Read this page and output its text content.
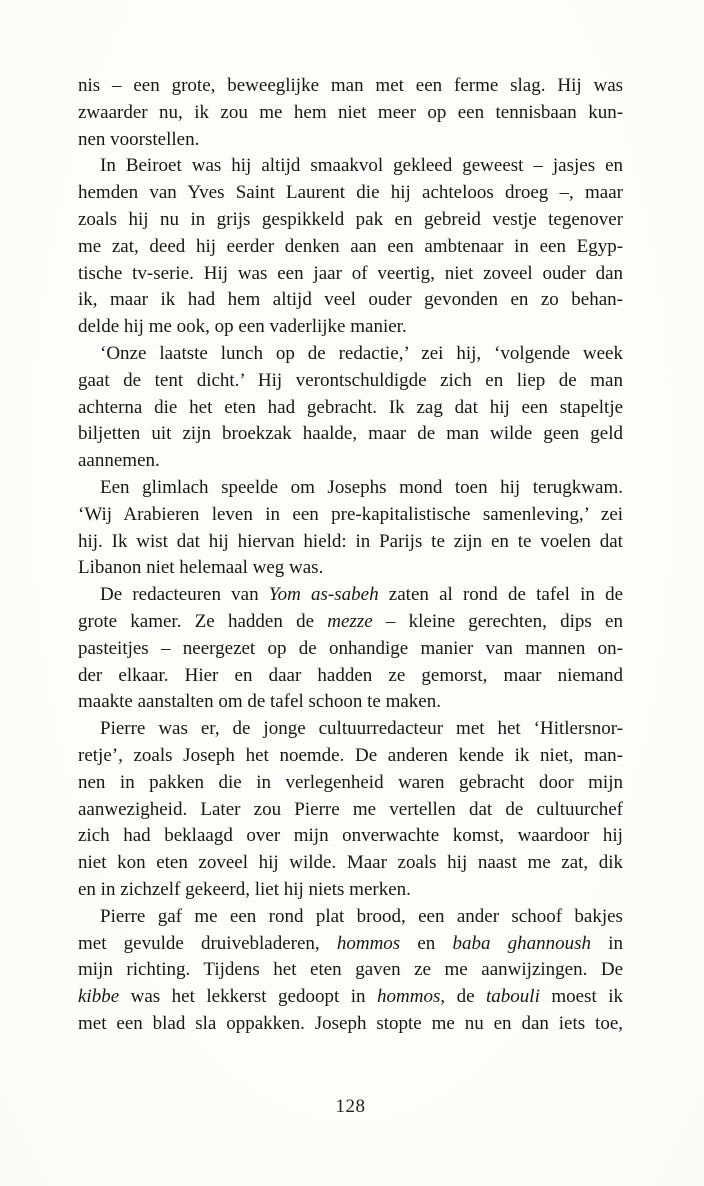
nis – een grote, beweeglijke man met een ferme slag. Hij was
zwaarder nu, ik zou me hem niet meer op een tennisbaan kun-
nen voorstellen.
In Beiroet was hij altijd smaakvol gekleed geweest – jasjes en
hemden van Yves Saint Laurent die hij achteloos droeg –, maar
zoals hij nu in grijs gespikkeld pak en gebreid vestje tegenover
me zat, deed hij eerder denken aan een ambtenaar in een Egyp-
tische tv-serie. Hij was een jaar of veertig, niet zoveel ouder dan
ik, maar ik had hem altijd veel ouder gevonden en zo behan-
delde hij me ook, op een vaderlijke manier.
‘Onze laatste lunch op de redactie,’ zei hij, ‘volgende week
gaat de tent dicht.’ Hij verontschuldigde zich en liep de man
achterna die het eten had gebracht. Ik zag dat hij een stapeltje
biljetten uit zijn broekzak haalde, maar de man wilde geen geld
aannemen.
Een glimlach speelde om Josephs mond toen hij terugkwam.
‘Wij Arabieren leven in een pre-kapitalistische samenleving,’ zei
hij. Ik wist dat hij hiervan hield: in Parijs te zijn en te voelen dat
Libanon niet helemaal weg was.
De redacteuren van Yom as-sabeh zaten al rond de tafel in de
grote kamer. Ze hadden de mezze – kleine gerechten, dips en
pasteitjes – neergezet op de onhandige manier van mannen on-
der elkaar. Hier en daar hadden ze gemorst, maar niemand
maakte aanstalten om de tafel schoon te maken.
Pierre was er, de jonge cultuurredacteur met het ‘Hitlersnor-
retje’, zoals Joseph het noemde. De anderen kende ik niet, man-
nen in pakken die in verlegenheid waren gebracht door mijn
aanwezigheid. Later zou Pierre me vertellen dat de cultuurchef
zich had beklaagd over mijn onverwachte komst, waardoor hij
niet kon eten zoveel hij wilde. Maar zoals hij naast me zat, dik
en in zichzelf gekeerd, liet hij niets merken.
Pierre gaf me een rond plat brood, een ander schoof bakjes
met gevulde druivebladeren, hommos en baba ghannoush in
mijn richting. Tijdens het eten gaven ze me aanwijzingen. De
kibbe was het lekkerst gedoopt in hommos, de tabouli moest ik
met een blad sla oppakken. Joseph stopte me nu en dan iets toe,
128
